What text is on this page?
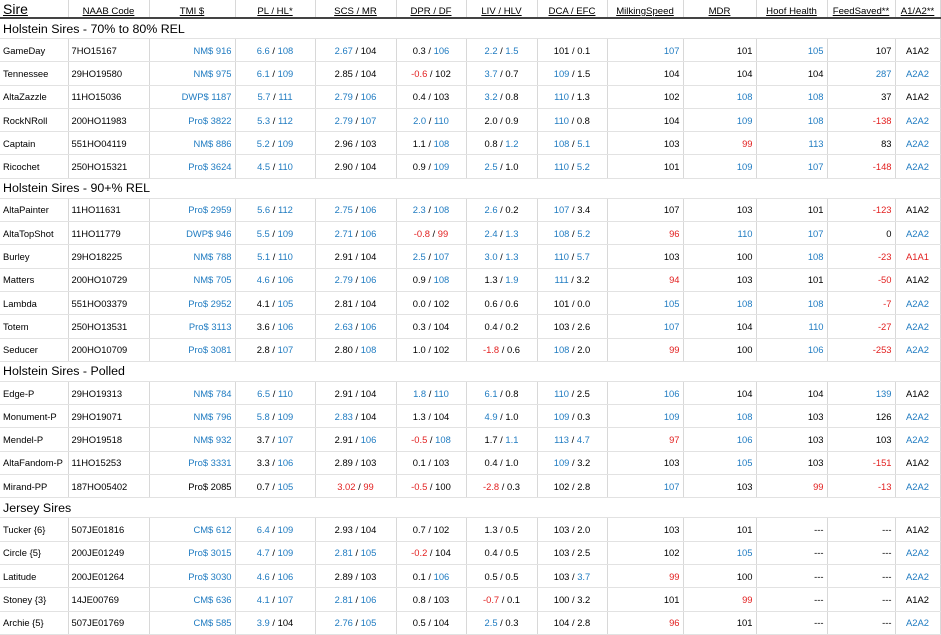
Sire	NAAB Code	TMI $	PL / HL*	SCS / MR	DPR / DF	LIV / HLV	DCA / EFC	MilkingSpeed	MDR	Hoof Health	FeedSaved**	A1/A2**
Holstein Sires - 70% to 80% REL												
GameDay	7HO15167	NM$ 916	6.6 / 108	2.67 / 104	0.3 / 106	2.2 / 1.5	101 / 0.1	107	101	105	107	A1A2
Tennessee	29HO19580	NM$ 975	6.1 / 109	2.85 / 104	-0.6 / 102	3.7 / 0.7	109 / 1.5	104	104	104	287	A2A2
AltaZazzle	11HO15036	DWP$ 1187	5.7 / 111	2.79 / 106	0.4 / 103	3.2 / 0.8	110 / 1.3	102	108	108	37	A1A2
RockNRoll	200HO11983	Pro$ 3822	5.3 / 112	2.79 / 107	2.0 / 110	2.0 / 0.9	110 / 0.8	104	109	108	-138	A2A2
Captain	551HO04119	NM$ 886	5.2 / 109	2.96 / 103	1.1 / 108	0.8 / 1.2	108 / 5.1	103	99	113	83	A2A2
Ricochet	250HO15321	Pro$ 3624	4.5 / 110	2.90 / 104	0.9 / 109	2.5 / 1.0	110 / 5.2	101	109	107	-148	A2A2
Holstein Sires - 90+% REL												
AltaPainter	11HO11631	Pro$ 2959	5.6 / 112	2.75 / 106	2.3 / 108	2.6 / 0.2	107 / 3.4	107	103	101	-123	A1A2
AltaTopShot	11HO11779	DWP$ 946	5.5 / 109	2.71 / 106	-0.8 / 99	2.4 / 1.3	108 / 5.2	96	110	107	0	A2A2
Burley	29HO18225	NM$ 788	5.1 / 110	2.91 / 104	2.5 / 107	3.0 / 1.3	110 / 5.7	103	100	108	-23	A1A1
Matters	200HO10729	NM$ 705	4.6 / 106	2.79 / 106	0.9 / 108	1.3 / 1.9	111 / 3.2	94	103	101	-50	A1A2
Lambda	551HO03379	Pro$ 2952	4.1 / 105	2.81 / 104	0.0 / 102	0.6 / 0.6	101 / 0.0	105	108	108	-7	A2A2
Totem	250HO13531	Pro$ 3113	3.6 / 106	2.63 / 106	0.3 / 104	0.4 / 0.2	103 / 2.6	107	104	110	-27	A2A2
Seducer	200HO10709	Pro$ 3081	2.8 / 107	2.80 / 108	1.0 / 102	-1.8 / 0.6	108 / 2.0	99	100	106	-253	A2A2
Holstein Sires - Polled												
Edge-P	29HO19313	NM$ 784	6.5 / 110	2.91 / 104	1.8 / 110	6.1 / 0.8	110 / 2.5	106	104	104	139	A1A2
Monument-P	29HO19071	NM$ 796	5.8 / 109	2.83 / 104	1.3 / 104	4.9 / 1.0	109 / 0.3	109	108	103	126	A2A2
Mendel-P	29HO19518	NM$ 932	3.7 / 107	2.91 / 106	-0.5 / 108	1.7 / 1.1	113 / 4.7	97	106	103	103	A2A2
AltaFandom-P	11HO15253	Pro$ 3331	3.3 / 106	2.89 / 103	0.1 / 103	0.4 / 1.0	109 / 3.2	103	105	103	-151	A1A2
Mirand-PP	187HO05402	Pro$ 2085	0.7 / 105	3.02 / 99	-0.5 / 100	-2.8 / 0.3	102 / 2.8	107	103	99	-13	A2A2
Jersey Sires												
Tucker {6}	507JE01816	CM$ 612	6.4 / 109	2.93 / 104	0.7 / 102	1.3 / 0.5	103 / 2.0	103	101	---	---	A1A2
Circle {5}	200JE01249	Pro$ 3015	4.7 / 109	2.81 / 105	-0.2 / 104	0.4 / 0.5	103 / 2.5	102	105	---	---	A2A2
Latitude	200JE01264	Pro$ 3030	4.6 / 106	2.89 / 103	0.1 / 106	0.5 / 0.5	103 / 3.7	99	100	---	---	A2A2
Stoney {3}	14JE00769	CM$ 636	4.1 / 107	2.81 / 106	0.8 / 103	-0.7 / 0.1	100 / 3.2	101	99	---	---	A1A2
Archie {5}	507JE01769	CM$ 585	3.9 / 104	2.76 / 105	0.5 / 104	2.5 / 0.3	104 / 2.8	96	101	---	---	A2A2
